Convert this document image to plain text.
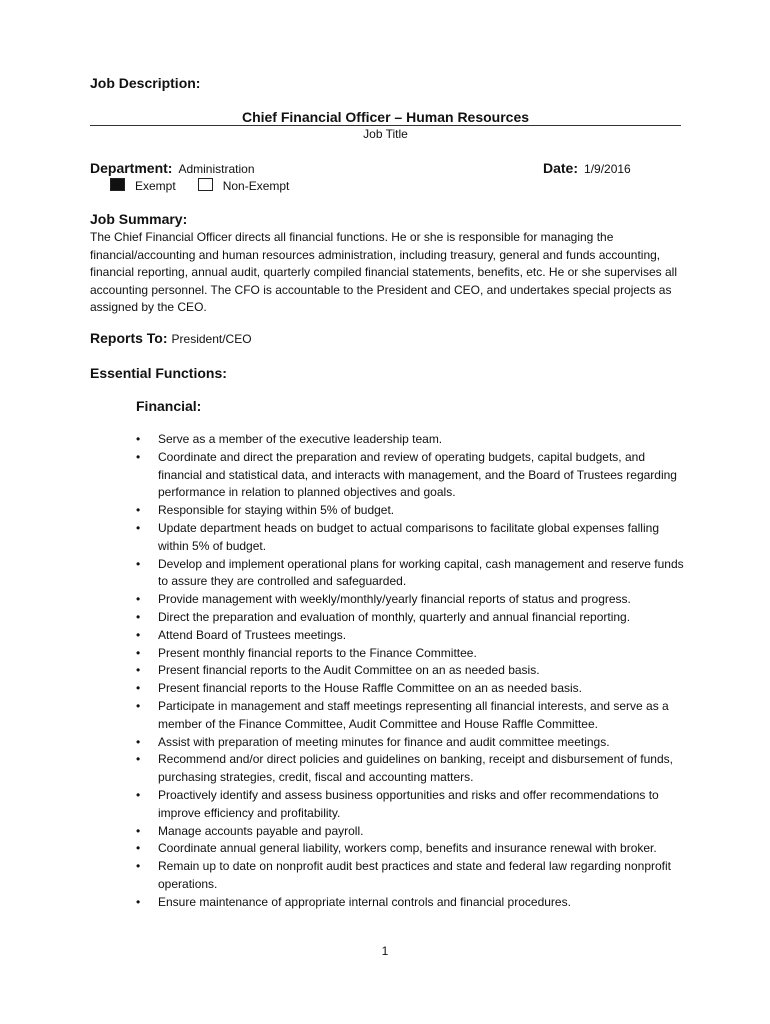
Job Description:
Chief Financial Officer – Human Resources
Job Title
Department: Administration	Date: 1/9/2016
Exempt	Non-Exempt
Job Summary:
The Chief Financial Officer directs all financial functions. He or she is responsible for managing the financial/accounting and human resources administration, including treasury, general and funds accounting, financial reporting, annual audit, quarterly compiled financial statements, benefits, etc. He or she supervises all accounting personnel. The CFO is accountable to the President and CEO, and undertakes special projects as assigned by the CEO.
Reports To: President/CEO
Essential Functions:
Financial:
• Serve as a member of the executive leadership team.
• Coordinate and direct the preparation and review of operating budgets, capital budgets, and financial and statistical data, and interacts with management, and the Board of Trustees regarding performance in relation to planned objectives and goals.
• Responsible for staying within 5% of budget.
• Update department heads on budget to actual comparisons to facilitate global expenses falling within 5% of budget.
• Develop and implement operational plans for working capital, cash management and reserve funds to assure they are controlled and safeguarded.
• Provide management with weekly/monthly/yearly financial reports of status and progress.
• Direct the preparation and evaluation of monthly, quarterly and annual financial reporting.
• Attend Board of Trustees meetings.
• Present monthly financial reports to the Finance Committee.
• Present financial reports to the Audit Committee on an as needed basis.
• Present financial reports to the House Raffle Committee on an as needed basis.
• Participate in management and staff meetings representing all financial interests, and serve as a member of the Finance Committee, Audit Committee and House Raffle Committee.
• Assist with preparation of meeting minutes for finance and audit committee meetings.
• Recommend and/or direct policies and guidelines on banking, receipt and disbursement of funds, purchasing strategies, credit, fiscal and accounting matters.
• Proactively identify and assess business opportunities and risks and offer recommendations to improve efficiency and profitability.
• Manage accounts payable and payroll.
• Coordinate annual general liability, workers comp, benefits and insurance renewal with broker.
• Remain up to date on nonprofit audit best practices and state and federal law regarding nonprofit operations.
• Ensure maintenance of appropriate internal controls and financial procedures.
1
